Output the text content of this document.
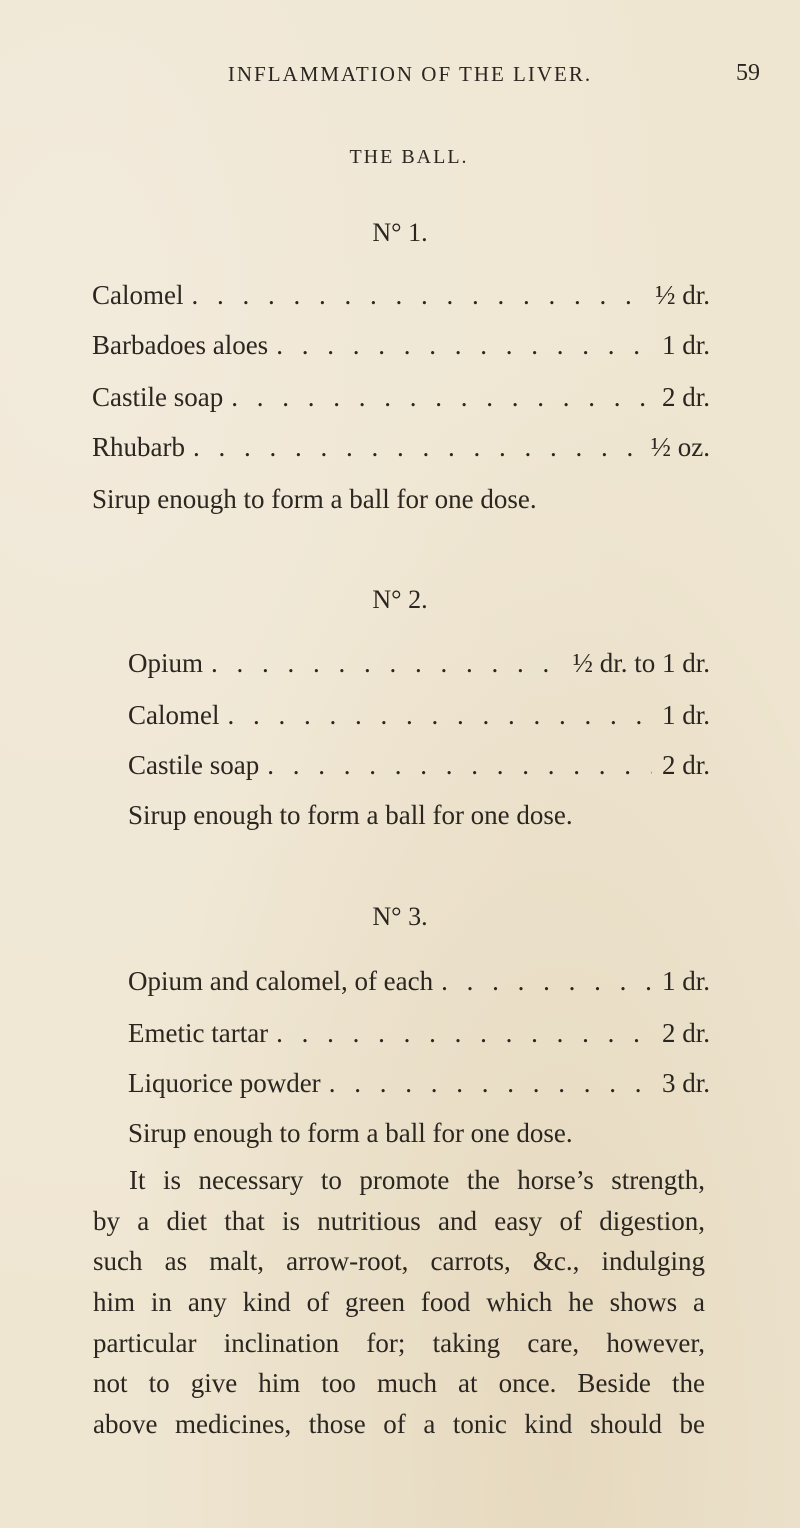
INFLAMMATION OF THE LIVER.	59
THE BALL.
N° 1.
Calomel . . .	½ dr.
Barbadoes aloes . . .	1 dr.
Castile soap . . .	2 dr.
Rhubarb . . .	½ oz.
Sirup enough to form a ball for one dose.
N° 2.
Opium . . .	½ dr. to 1 dr.
Calomel . . .	1 dr.
Castile soap . . .	2 dr.
Sirup enough to form a ball for one dose.
N° 3.
Opium and calomel, of each . . .	1 dr.
Emetic tartar . . .	2 dr.
Liquorice powder . . .	3 dr.
Sirup enough to form a ball for one dose.
It is necessary to promote the horse’s strength,
by a diet that is nutritious and easy of digestion,
such as malt, arrow-root, carrots, &c., indulging
him in any kind of green food which he shows a
particular inclination for; taking care, however,
not to give him too much at once. Beside the
above medicines, those of a tonic kind should be
